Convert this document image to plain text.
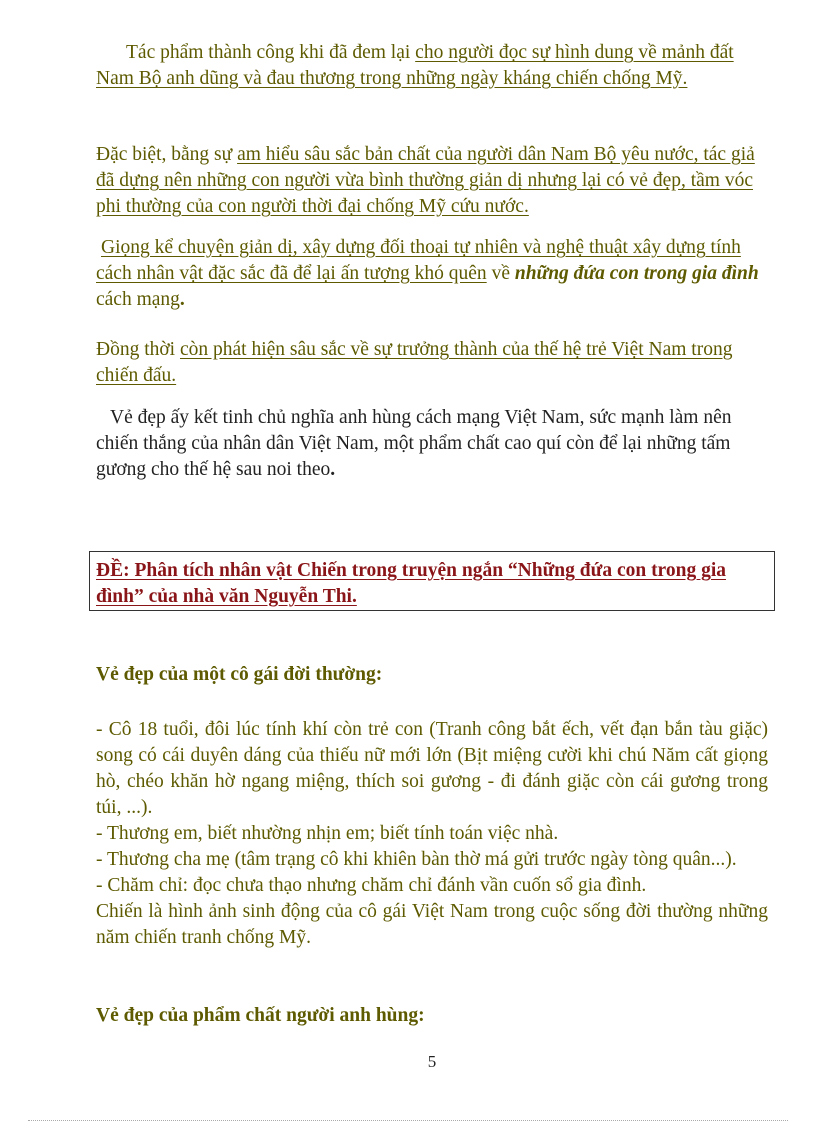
Tác phẩm thành công khi đã đem lại cho người đọc sự hình dung về mảnh đất Nam Bộ anh dũng và đau thương trong những ngày kháng chiến chống Mỹ.
Đặc biệt, bằng sự am hiểu sâu sắc bản chất của người dân Nam Bộ yêu nước, tác giả đã dựng nên những con người vừa bình thường giản dị nhưng lại có vẻ đẹp, tầm vóc phi thường của con người thời đại chống Mỹ cứu nước.
Giọng kể chuyện giản dị, xây dựng đối thoại tự nhiên và nghệ thuật xây dựng tính cách nhân vật đặc sắc đã để lại ấn tượng khó quên về những đứa con trong gia đình cách mạng.
Đồng thời còn phát hiện sâu sắc về sự trưởng thành của thế hệ trẻ Việt Nam trong chiến đấu.
Vẻ đẹp ấy kết tinh chủ nghĩa anh hùng cách mạng Việt Nam, sức mạnh làm nên chiến thắng của nhân dân Việt Nam, một phẩm chất cao quí còn để lại những tấm gương cho thế hệ sau noi theo.
ĐỀ: Phân tích nhân vật Chiến trong truyện ngắn “Những đứa con trong gia đình” của nhà văn Nguyễn Thi.
Vẻ đẹp của một cô gái đời thường:
- Cô 18 tuổi, đôi lúc tính khí còn trẻ con (Tranh công bắt ếch, vết đạn bắn tàu giặc) song có cái duyên dáng của thiếu nữ mới lớn (Bịt miệng cười khi chú Năm cất giọng hò, chéo khăn hờ ngang miệng, thích soi gương - đi đánh giặc còn cái gương trong túi, ...).
- Thương em, biết nhường nhịn em; biết tính toán việc nhà.
- Thương cha mẹ (tâm trạng cô khi khiên bàn thờ má gửi trước ngày tòng quân...).
- Chăm chỉ: đọc chưa thạo nhưng chăm chỉ đánh vần cuốn sổ gia đình.
Chiến là hình ảnh sinh động của cô gái Việt Nam trong cuộc sống đời thường những năm chiến tranh chống Mỹ.
Vẻ đẹp của phẩm chất người anh hùng:
5
